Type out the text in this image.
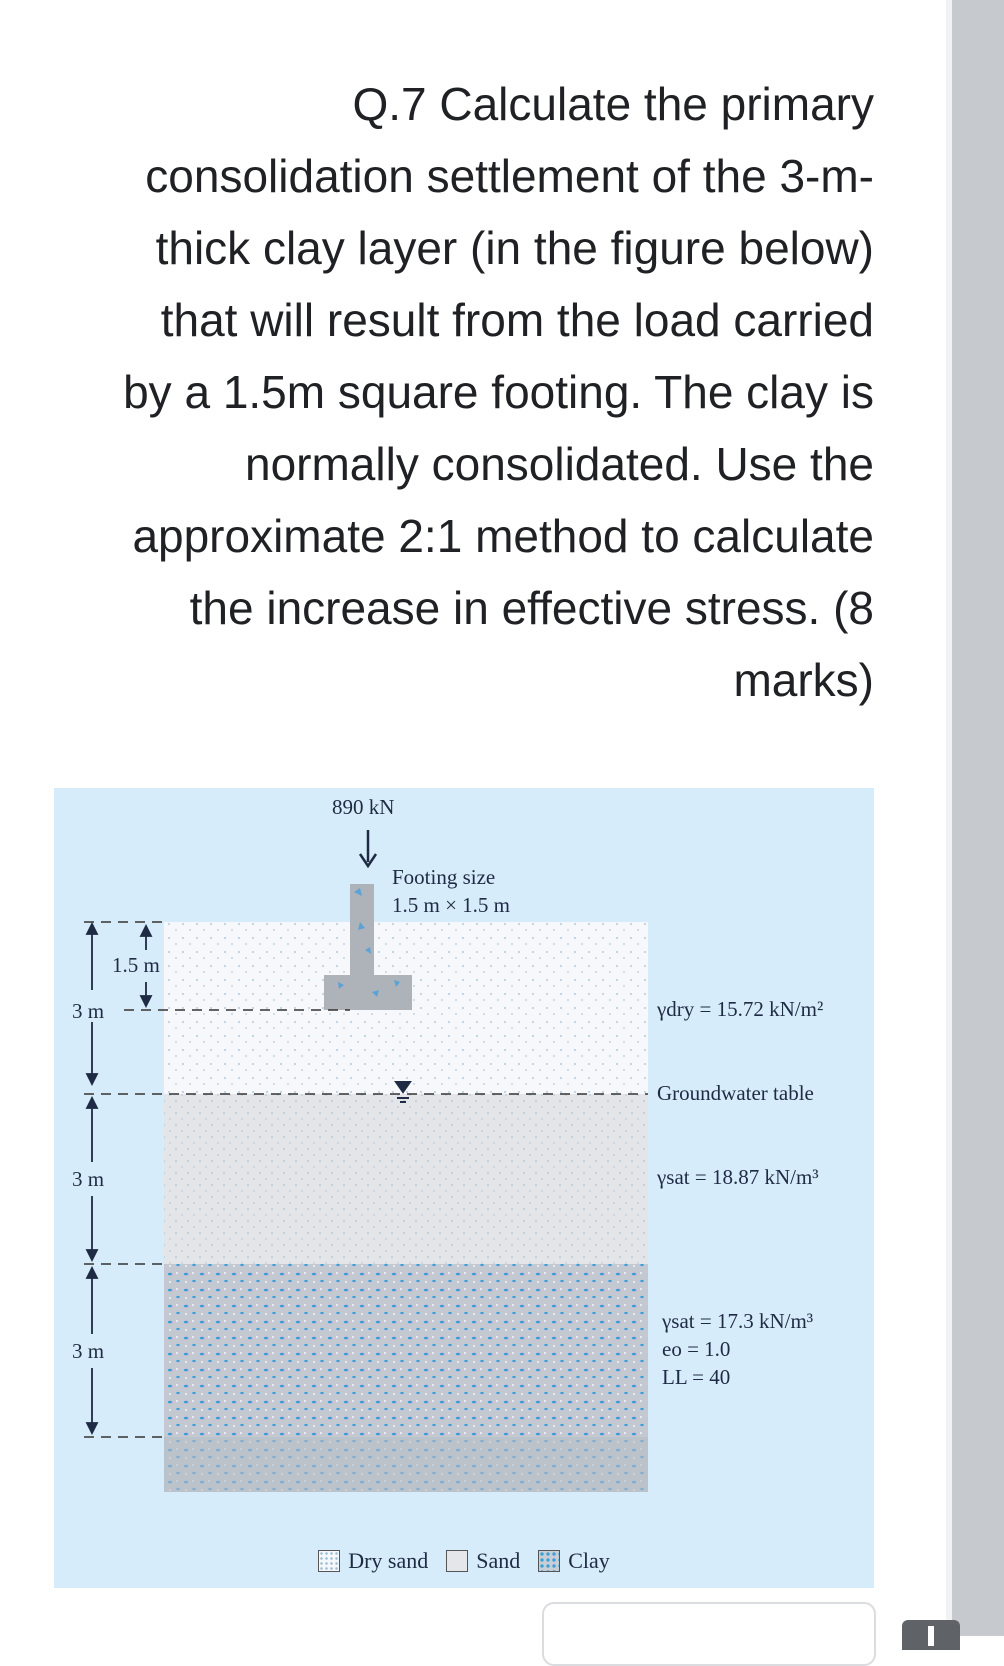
Q.7 Calculate the primary
consolidation settlement of the 3-m-
thick clay layer (in the figure below)
that will result from the load carried
by a 1.5m square footing. The clay is
normally consolidated. Use the
approximate 2:1 method to calculate
the increase in effective stress. (8
marks)
890 kN
Footing size
1.5 m × 1.5 m
3 m
3 m
3 m
1.5 m
γdry = 15.72 kN/m²
Groundwater table
γsat = 18.87 kN/m³
γsat = 17.3 kN/m³
eo = 1.0
LL = 40
Dry sand Sand Clay
